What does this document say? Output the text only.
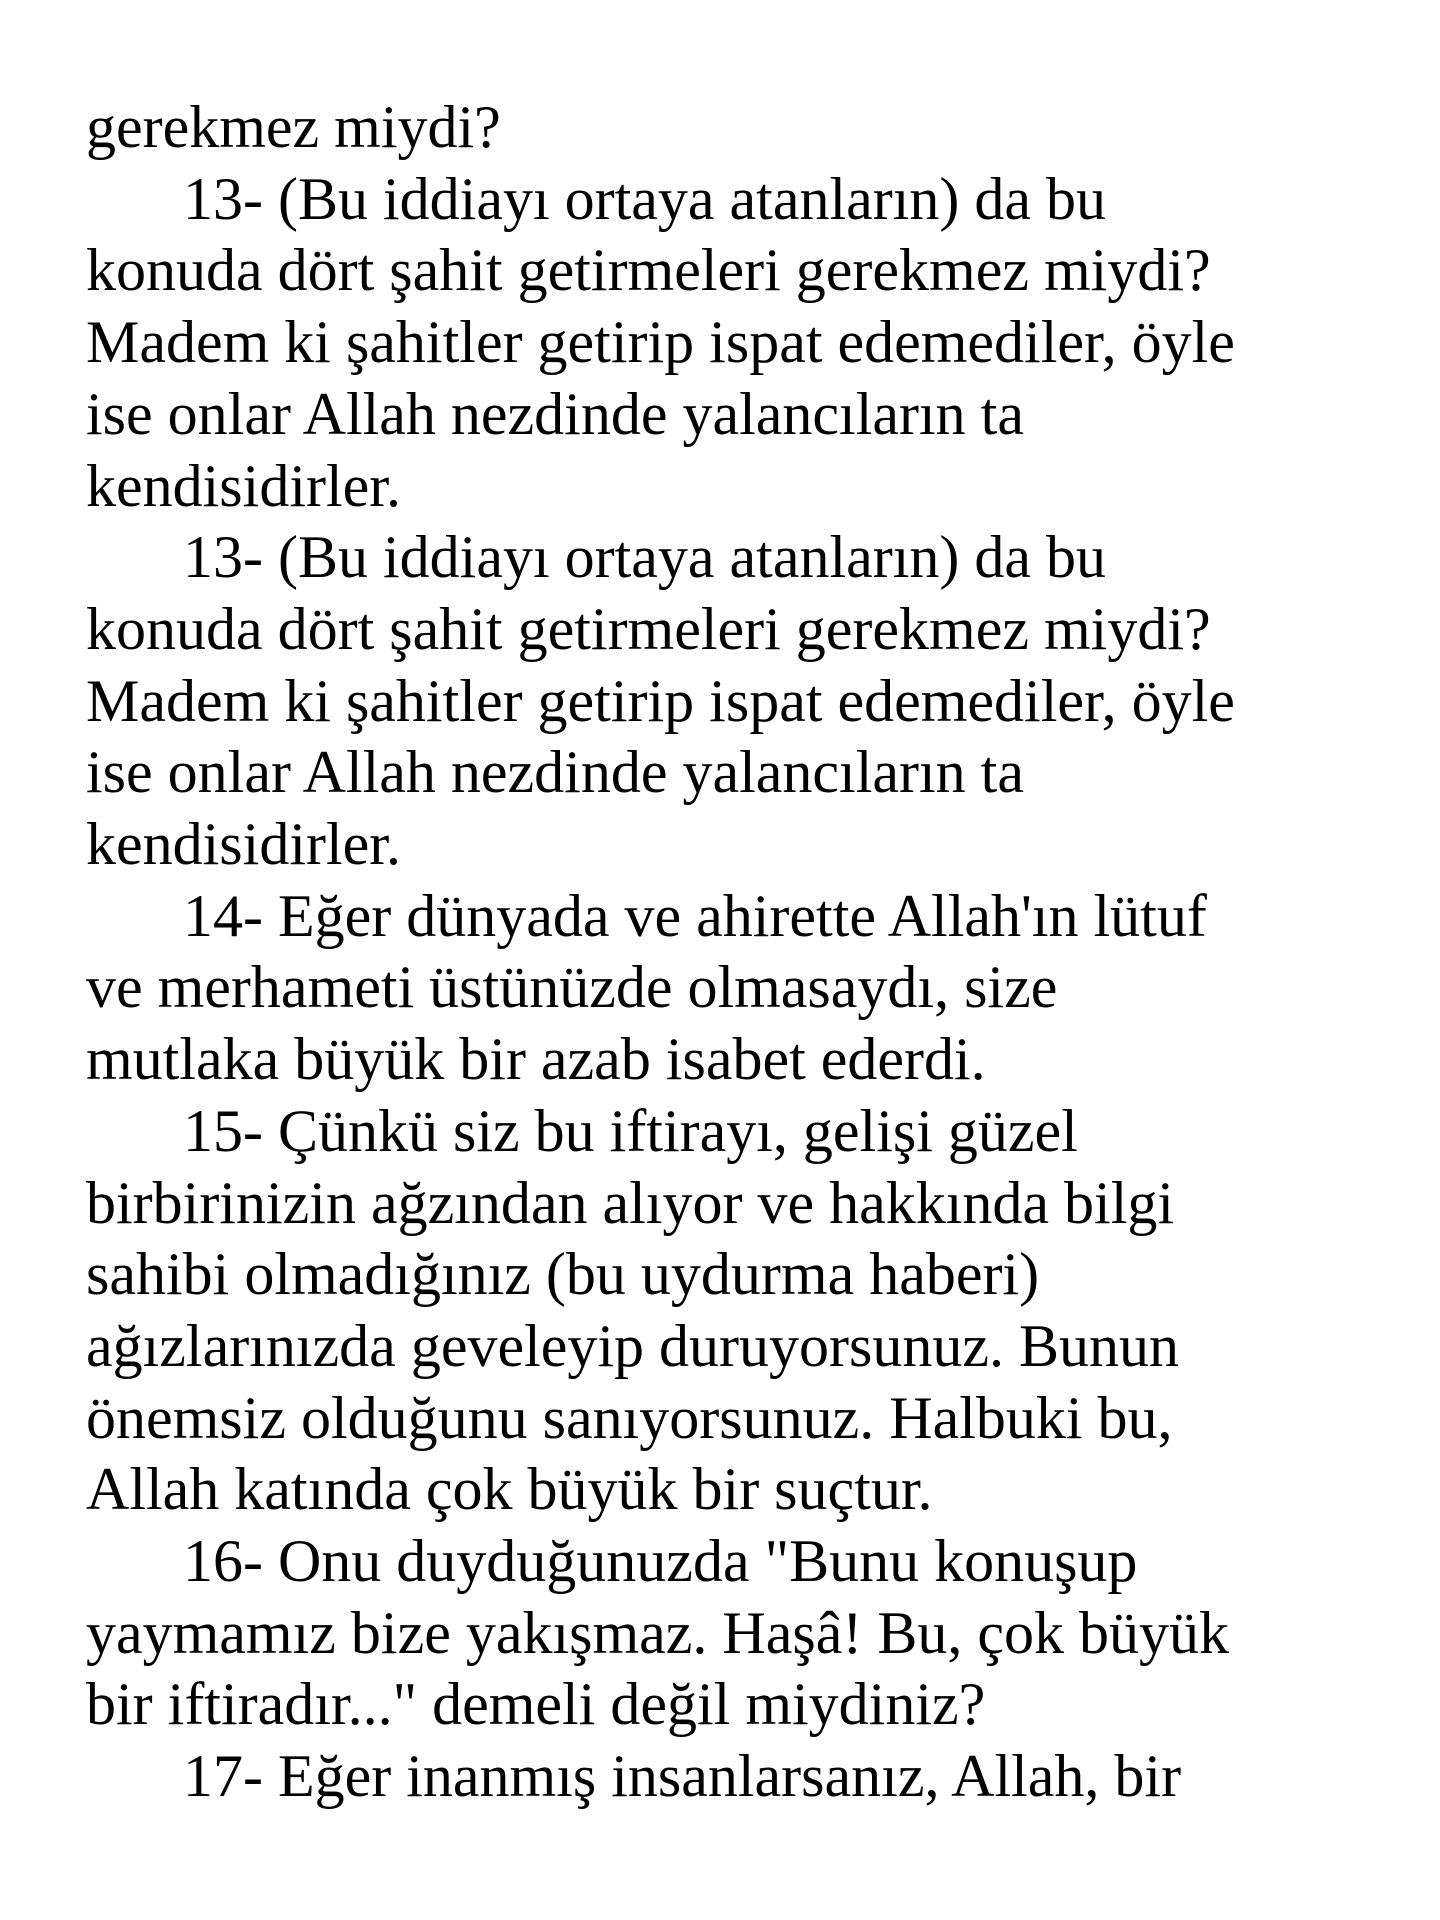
gerekmez miydi?
13- (Bu iddiayı ortaya atanların) da bu
konuda dört şahit getirmeleri gerekmez miydi?
Madem ki şahitler getirip ispat edemediler, öyle
ise onlar Allah nezdinde yalancıların ta
kendisidirler.
13- (Bu iddiayı ortaya atanların) da bu
konuda dört şahit getirmeleri gerekmez miydi?
Madem ki şahitler getirip ispat edemediler, öyle
ise onlar Allah nezdinde yalancıların ta
kendisidirler.
14- Eğer dünyada ve ahirette Allah'ın lütuf
ve merhameti üstünüzde olmasaydı, size
mutlaka büyük bir azab isabet ederdi.
15- Çünkü siz bu iftirayı, gelişi güzel
birbirinizin ağzından alıyor ve hakkında bilgi
sahibi olmadığınız (bu uydurma haberi)
ağızlarınızda geveleyip duruyorsunuz. Bunun
önemsiz olduğunu sanıyorsunuz. Halbuki bu,
Allah katında çok büyük bir suçtur.
16- Onu duyduğunuzda "Bunu konuşup
yaymamız bize yakışmaz. Haşâ! Bu, çok büyük
bir iftiradır..." demeli değil miydiniz?
17- Eğer inanmış insanlarsanız, Allah, bir
